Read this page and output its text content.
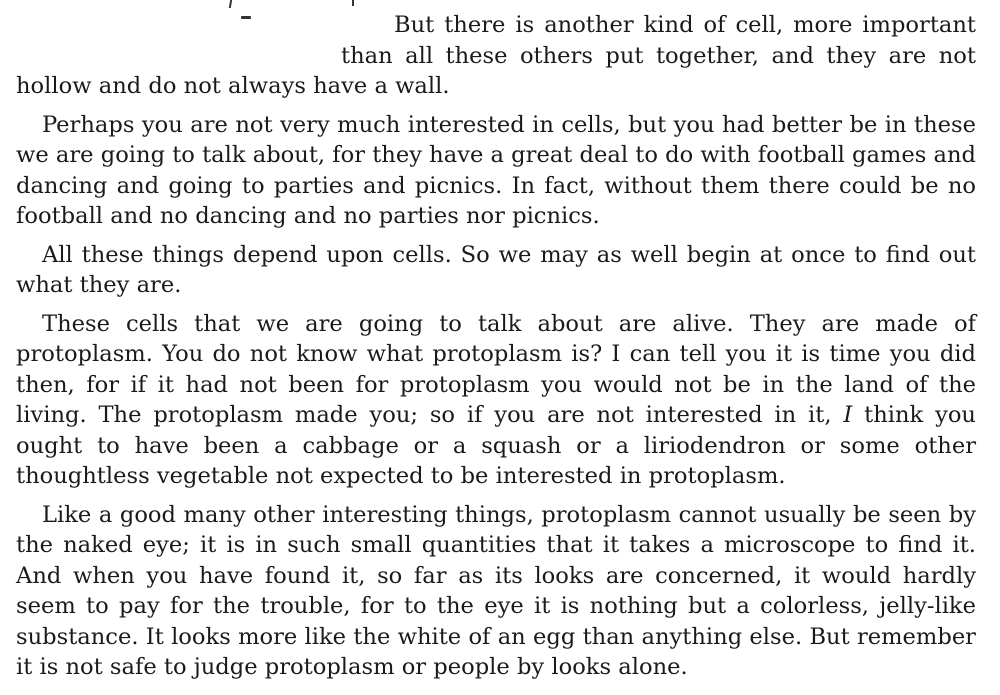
But there is another kind of cell, more important
than all these others put together, and they are not
hollow and do not always have a wall.

Perhaps you are not very much interested in cells, but you had better be in these we are going to talk about, for they have a great deal to do with football games and dancing and going to parties and picnics. In fact, without them there could be no football and no dancing and no parties nor picnics.

All these things depend upon cells. So we may as well begin at once to find out what they are.

These cells that we are going to talk about are alive. They are made of protoplasm. You do not know what protoplasm is? I can tell you it is time you did then, for if it had not been for protoplasm you would not be in the land of the living. The protoplasm made you; so if you are not interested in it, I think you ought to have been a cabbage or a squash or a liriodendron or some other thoughtless vegetable not expected to be interested in protoplasm.

Like a good many other interesting things, protoplasm cannot usually be seen by the naked eye; it is in such small quantities that it takes a microscope to find it. And when you have found it, so far as its looks are concerned, it would hardly seem to pay for the trouble, for to the eye it is nothing but a colorless, jelly-like substance. It looks more like the white of an egg than anything else. But remember it is not safe to judge protoplasm or people by looks alone.
